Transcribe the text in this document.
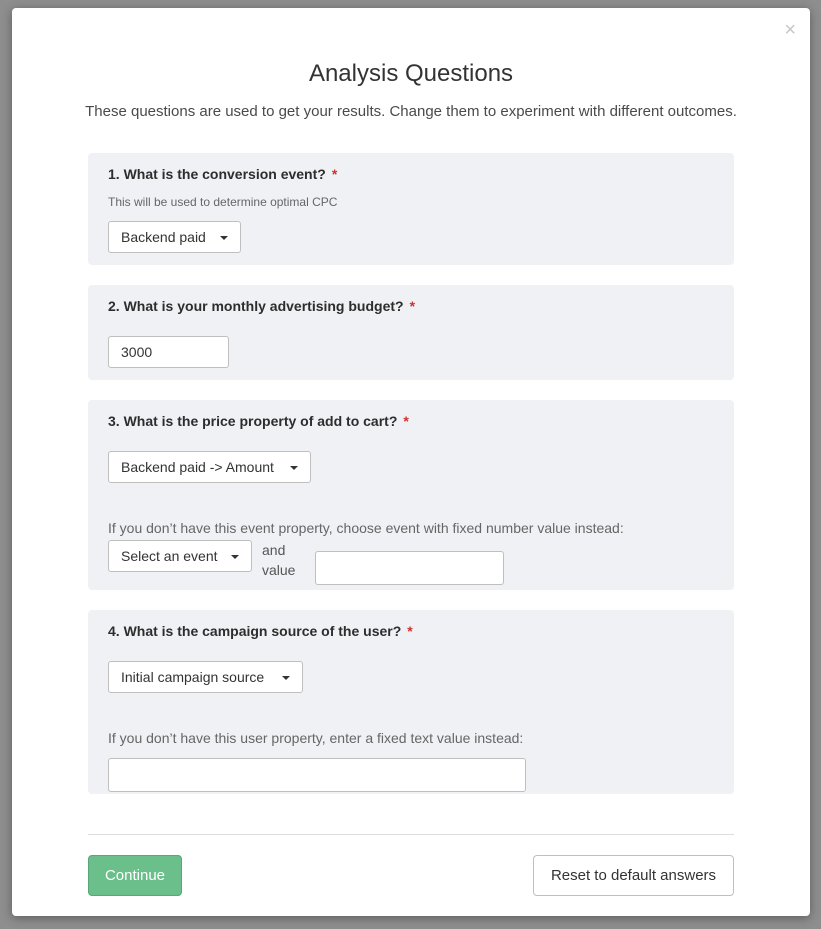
×
Analysis Questions
These questions are used to get your results. Change them to experiment with different outcomes.
1. What is the conversion event? *
This will be used to determine optimal CPC
Backend paid
2. What is your monthly advertising budget? *
3000
3. What is the price property of add to cart? *
Backend paid -> Amount
If you don’t have this event property, choose event with fixed number value instead:
Select an event	and
value
4. What is the campaign source of the user? *
Initial campaign source
If you don’t have this user property, enter a fixed text value instead:
Continue	Reset to default answers
